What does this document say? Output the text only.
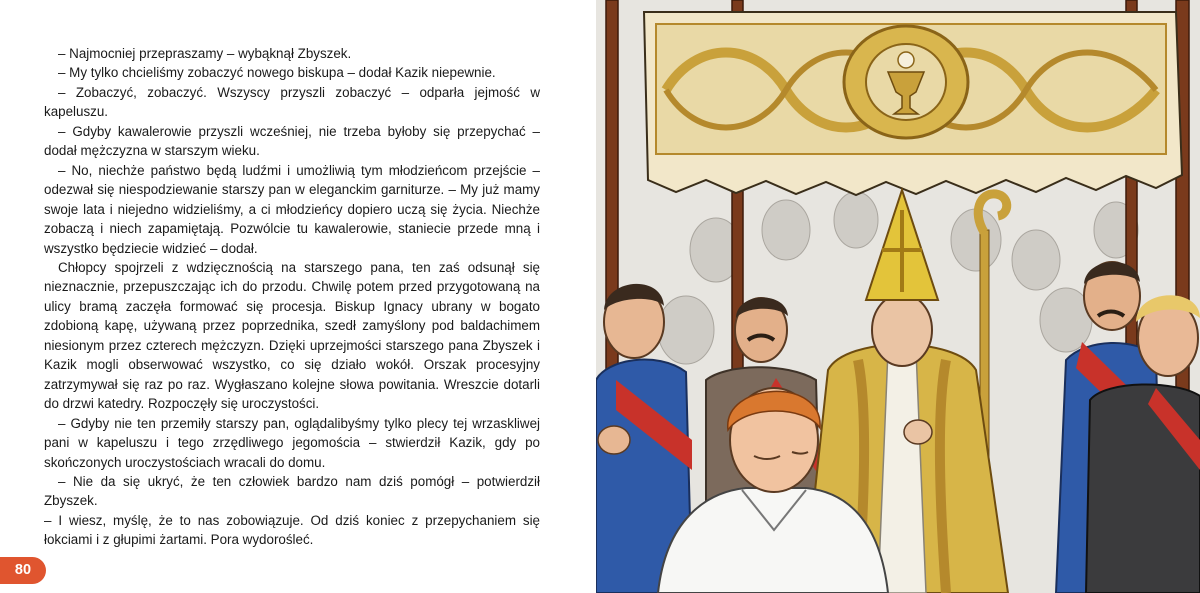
– Najmocniej przepraszamy – wybąknął Zbyszek.

– My tylko chcieliśmy zobaczyć nowego biskupa – dodał Kazik niepewnie.

– Zobaczyć, zobaczyć. Wszyscy przyszli zobaczyć – odparła jejmość w kapeluszu.

– Gdyby kawalerowie przyszli wcześniej, nie trzeba byłoby się przepychać – dodał mężczyzna w starszym wieku.

– No, niechże państwo będą ludźmi i umożliwią tym młodzieńcom przejście – odezwał się niespodziewanie starszy pan w eleganckim garniturze. – My już mamy swoje lata i niejedno widzieliśmy, a ci młodzieńcy dopiero uczą się życia. Niechże zobaczą i niech zapamiętają. Pozwólcie tu kawalerowie, staniecie przede mną i wszystko będziecie widzieć – dodał.

Chłopcy spojrzeli z wdzięcznością na starszego pana, ten zaś odsunął się nieznacznie, przepuszczając ich do przodu. Chwilę potem przed przygotowaną na ulicy bramą zaczęła formować się procesja. Biskup Ignacy ubrany w bogato zdobioną kapę, używaną przez poprzednika, szedł zamyślony pod baldachimem niesionym przez czterech mężczyzn. Dzięki uprzejmości starszego pana Zbyszek i Kazik mogli obserwować wszystko, co się działo wokół. Orszak procesyjny zatrzymywał się raz po raz. Wygłaszano kolejne słowa powitania. Wreszcie dotarli do drzwi katedry. Rozpoczęły się uroczystości.

– Gdyby nie ten przemiły starszy pan, oglądalibyśmy tylko plecy tej wrzaskliwej pani w kapeluszu i tego zrzędliwego jegomościa – stwierdził Kazik, gdy po skończonych uroczystościach wracali do domu.

– Nie da się ukryć, że ten człowiek bardzo nam dziś pomógł – potwierdził Zbyszek.

– I wiesz, myślę, że to nas zobowiązuje. Od dziś koniec z przepychaniem się łokciami i z głupimi żartami. Pora wydorośleć.

80
